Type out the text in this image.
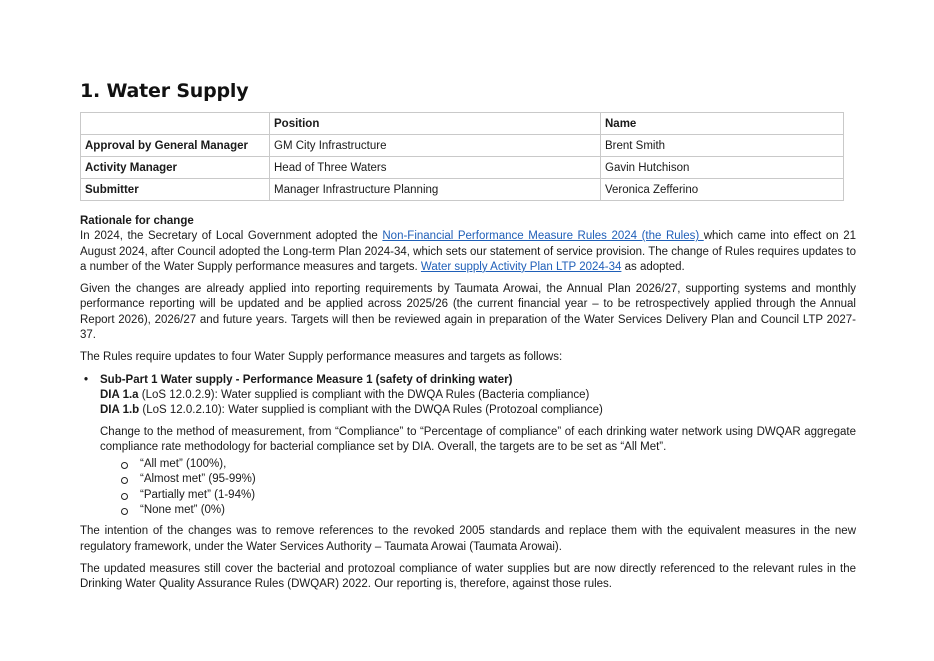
1. Water Supply
	Position	Name
Approval by General Manager	GM City Infrastructure	Brent Smith
Activity Manager	Head of Three Waters	Gavin Hutchison
Submitter	Manager Infrastructure Planning	Veronica Zefferino
Rationale for change

In 2024, the Secretary of Local Government adopted the Non-Financial Performance Measure Rules 2024 (the Rules) which came into effect on 21 August 2024, after Council adopted the Long-term Plan 2024-34, which sets our statement of service provision. The change of Rules requires updates to a number of the Water Supply performance measures and targets. Water supply Activity Plan LTP 2024-34 as adopted.

Given the changes are already applied into reporting requirements by Taumata Arowai, the Annual Plan 2026/27, supporting systems and monthly performance reporting will be updated and be applied across 2025/26 (the current financial year – to be retrospectively applied through the Annual Report 2026), 2026/27 and future years. Targets will then be reviewed again in preparation of the Water Services Delivery Plan and Council LTP 2027-37.

The Rules require updates to four Water Supply performance measures and targets as follows:

•	Sub-Part 1 Water supply - Performance Measure 1 (safety of drinking water)
DIA 1.a (LoS 12.0.2.9): Water supplied is compliant with the DWQA Rules (Bacteria compliance)
DIA 1.b (LoS 12.0.2.10): Water supplied is compliant with the DWQA Rules (Protozoal compliance)

Change to the method of measurement, from “Compliance” to “Percentage of compliance” of each drinking water network using DWQAR aggregate compliance rate methodology for bacterial compliance set by DIA. Overall, the targets are to be set as “All Met”.

“All met” (100%),
“Almost met” (95-99%)
“Partially met” (1-94%)
“None met” (0%)

The intention of the changes was to remove references to the revoked 2005 standards and replace them with the equivalent measures in the new regulatory framework, under the Water Services Authority – Taumata Arowai (Taumata Arowai).

The updated measures still cover the bacterial and protozoal compliance of water supplies but are now directly referenced to the relevant rules in the Drinking Water Quality Assurance Rules (DWQAR) 2022. Our reporting is, therefore, against those rules.
